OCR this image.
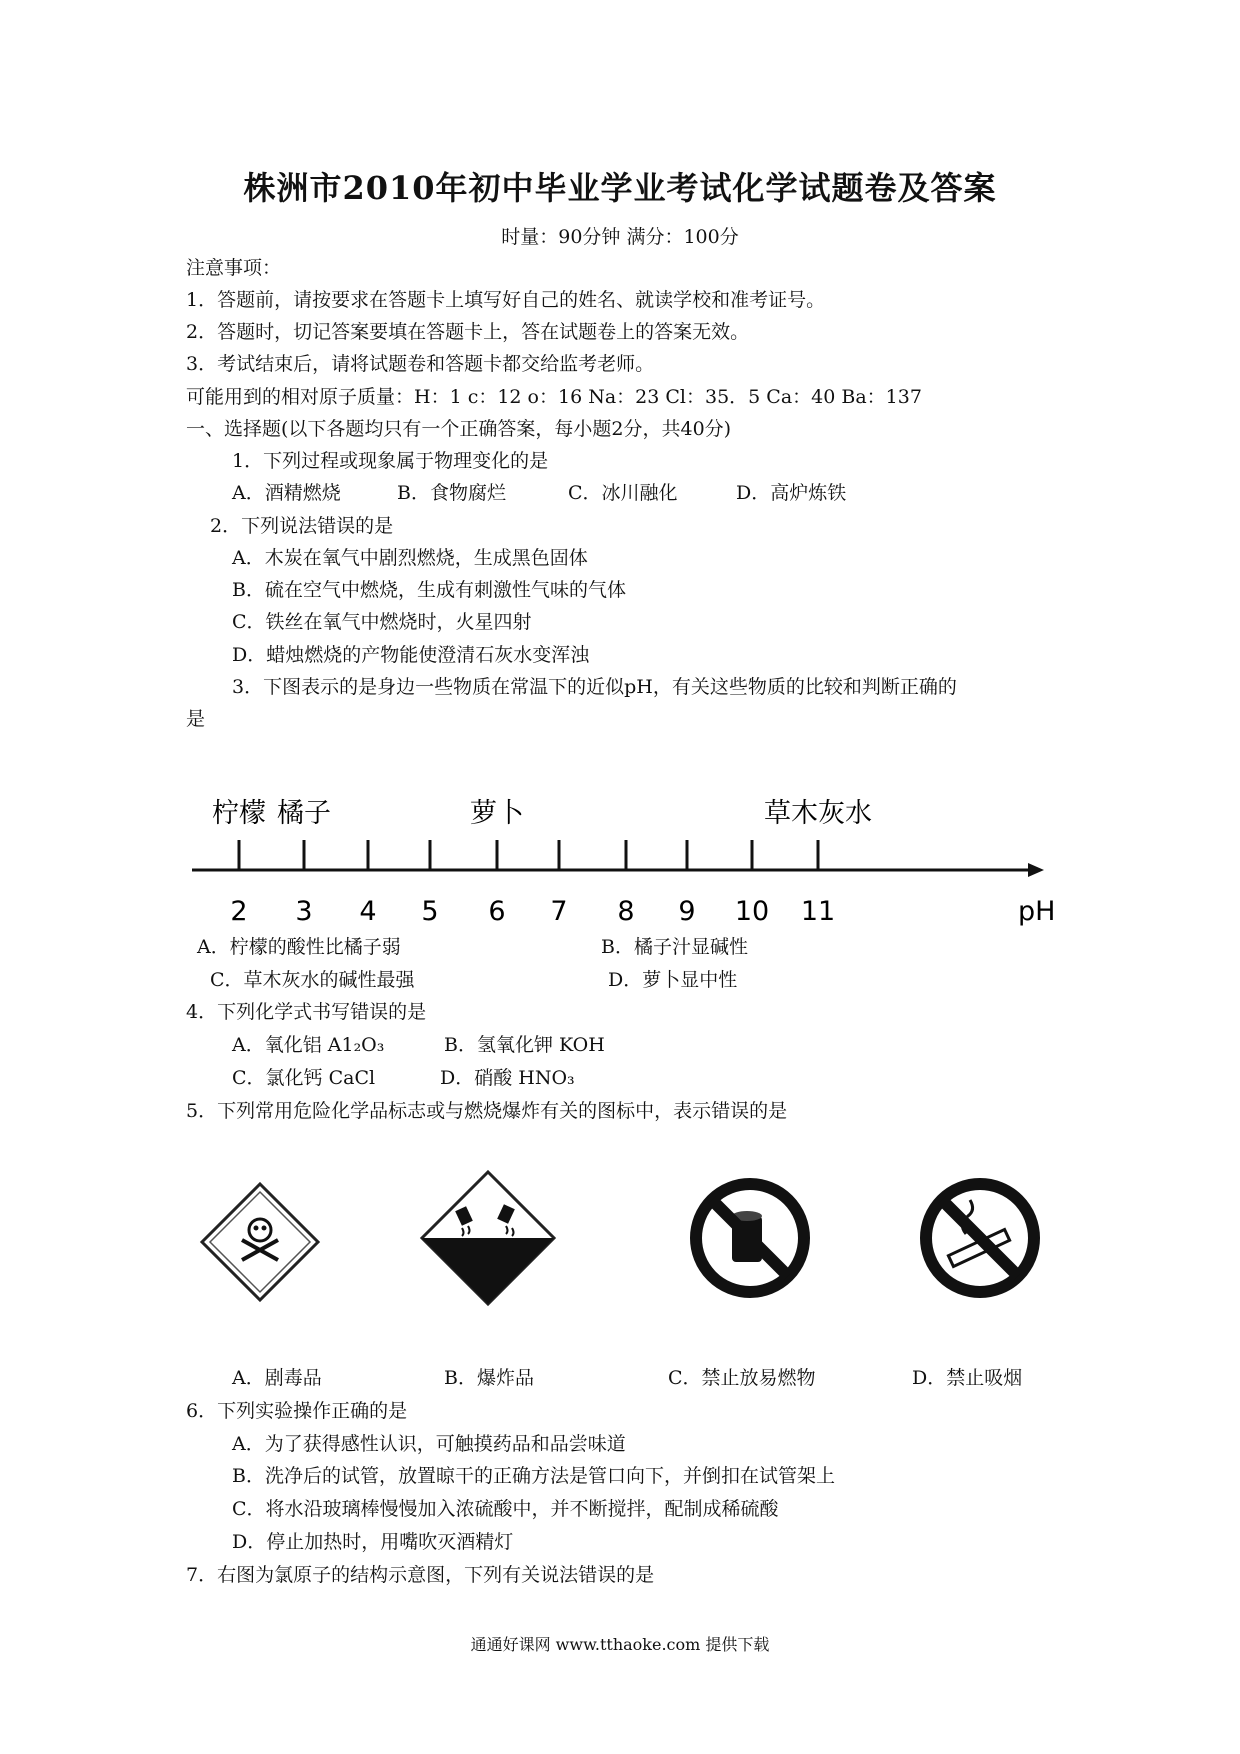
株洲市2010年初中毕业学业考试化学试题卷及答案
时量：90分钟 满分：100分
注意事项：
1．答题前，请按要求在答题卡上填写好自己的姓名、就读学校和准考证号。
2．答题时，切记答案要填在答题卡上，答在试题卷上的答案无效。
3．考试结束后，请将试题卷和答题卡都交给监考老师。
可能用到的相对原子质量：H：1 c：12 o：16 Na：23 Cl：35．5 Ca：40 Ba：137
一、选择题(以下各题均只有一个正确答案，每小题2分，共40分)
1．下列过程或现象属于物理变化的是
A．酒精燃烧	B．食物腐烂	C．冰川融化	D．高炉炼铁
2．下列说法错误的是
A．木炭在氧气中剧烈燃烧，生成黑色固体
B．硫在空气中燃烧，生成有刺激性气味的气体
C．铁丝在氧气中燃烧时，火星四射
D．蜡烛燃烧的产物能使澄清石灰水变浑浊
3．下图表示的是身边一些物质在常温下的近似pH，有关这些物质的比较和判断正确的
是
2 3 4 5 6 7 8 9 10 11
柠檬 橘子	萝卜	草木灰水
pH
A．柠檬的酸性比橘子弱	B．橘子汁显碱性
C．草木灰水的碱性最强	D．萝卜显中性
4．下列化学式书写错误的是
A．氧化铝 A1₂O₃	B．氢氧化钾 KOH
C．氯化钙 CaCl	D．硝酸 HNO₃
5．下列常用危险化学品标志或与燃烧爆炸有关的图标中，表示错误的是
A．剧毒品	B．爆炸品	C．禁止放易燃物	D．禁止吸烟
6．下列实验操作正确的是
A．为了获得感性认识，可触摸药品和品尝味道
B．洗净后的试管，放置晾干的正确方法是管口向下，并倒扣在试管架上
C．将水沿玻璃棒慢慢加入浓硫酸中，并不断搅拌，配制成稀硫酸
D．停止加热时，用嘴吹灭酒精灯
7．右图为氯原子的结构示意图，下列有关说法错误的是
通通好课网 www.tthaoke.com 提供下载
